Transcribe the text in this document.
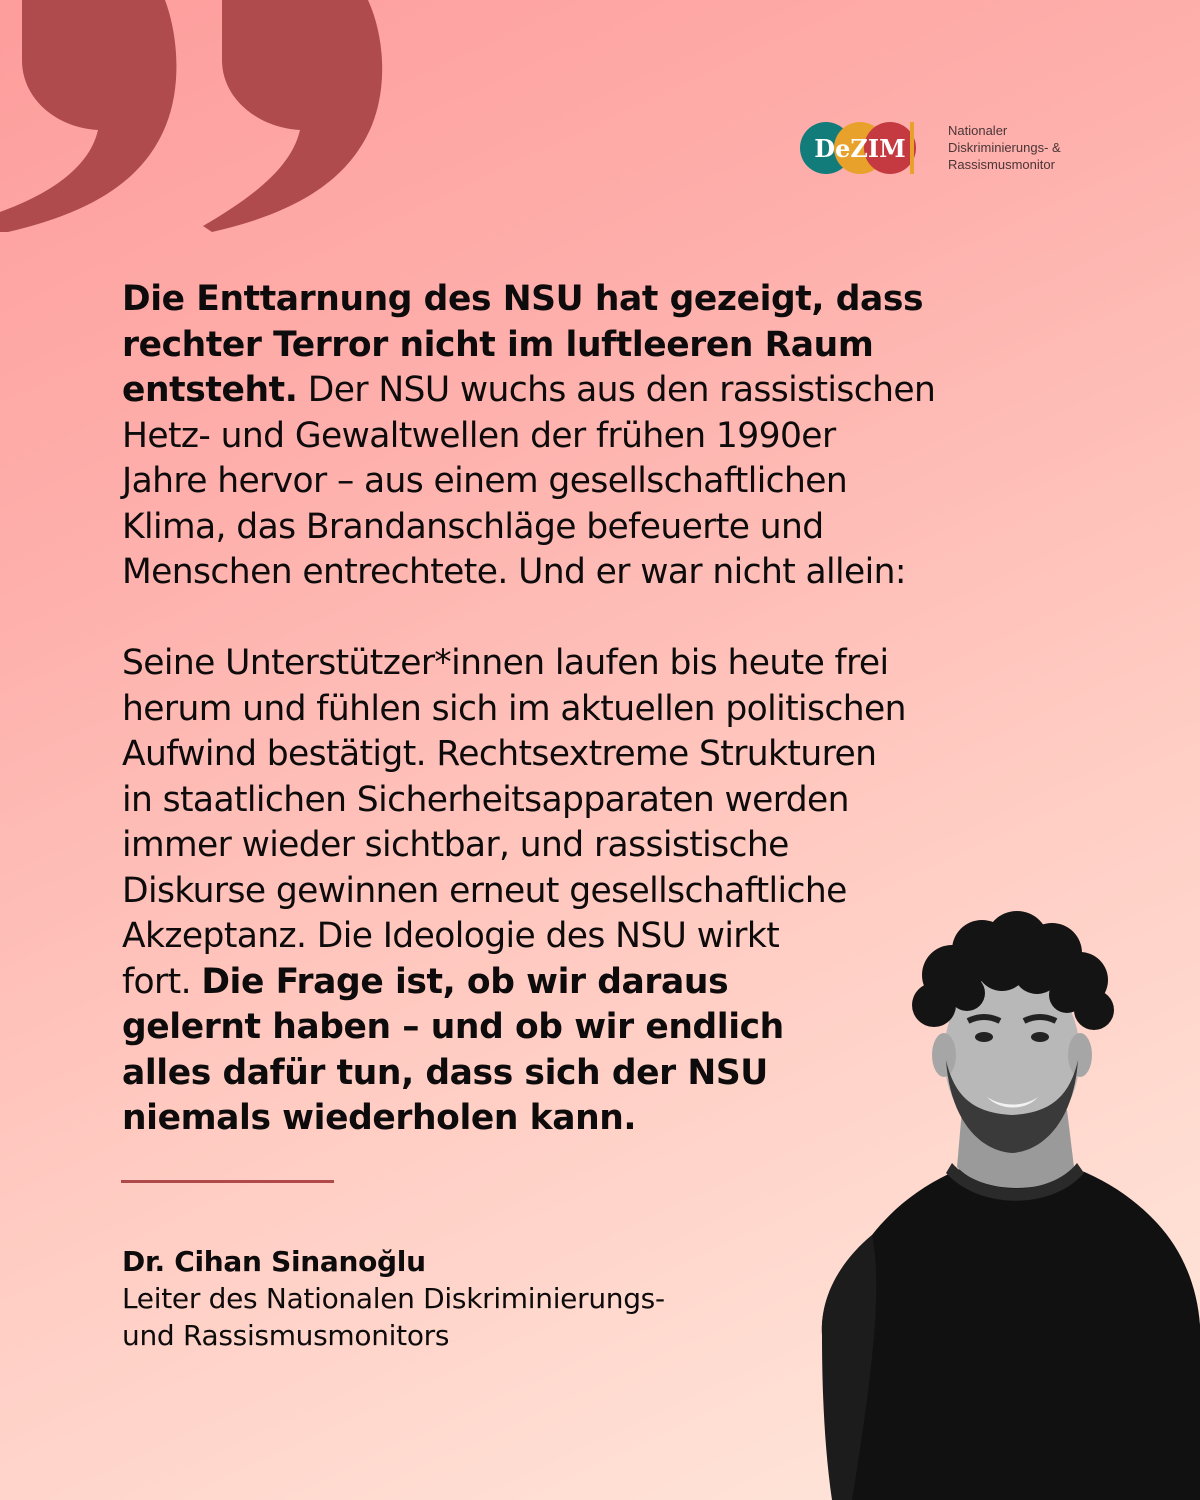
DeZIM
Nationaler
Diskriminierungs- &
Rassismusmonitor

Die Enttarnung des NSU hat gezeigt, dass
rechter Terror nicht im luftleeren Raum
entsteht. Der NSU wuchs aus den rassistischen
Hetz- und Gewaltwellen der frühen 1990er
Jahre hervor – aus einem gesellschaftlichen
Klima, das Brandanschläge befeuerte und
Menschen entrechtete. Und er war nicht allein:

Seine Unterstützer*innen laufen bis heute frei
herum und fühlen sich im aktuellen politischen
Aufwind bestätigt. Rechtsextreme Strukturen
in staatlichen Sicherheitsapparaten werden
immer wieder sichtbar, und rassistische
Diskurse gewinnen erneut gesellschaftliche
Akzeptanz. Die Ideologie des NSU wirkt
fort. Die Frage ist, ob wir daraus
gelernt haben – und ob wir endlich
alles dafür tun, dass sich der NSU
niemals wiederholen kann.

Dr. Cihan Sinanoğlu
Leiter des Nationalen Diskriminierungs-
und Rassismusmonitors
